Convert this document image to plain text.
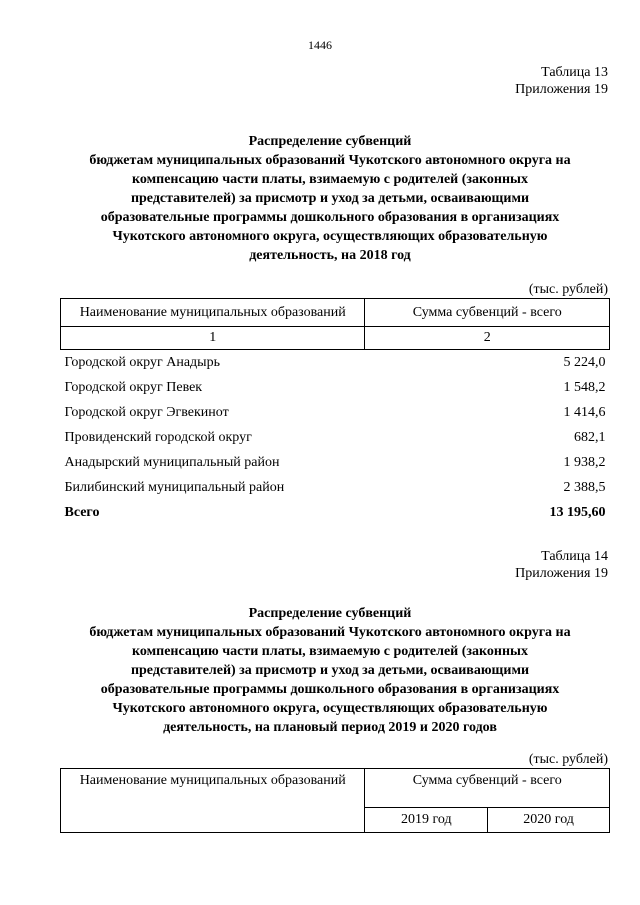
1446
Таблица 13
Приложения 19
Распределение субвенций
бюджетам муниципальных образований Чукотского автономного округа на
компенсацию части платы, взимаемую с родителей (законных
представителей) за присмотр и уход за детьми, осваивающими
образовательные программы дошкольного образования в организациях
Чукотского автономного округа, осуществляющих образовательную
деятельность, на 2018 год
(тыс. рублей)
Наименование муниципальных образований	Сумма субвенций - всего
1	2
Городской округ Анадырь	5 224,0
Городской округ Певек	1 548,2
Городской округ Эгвекинот	1 414,6
Провиденский городской округ	682,1
Анадырский муниципальный район	1 938,2
Билибинский муниципальный район	2 388,5
Всего	13 195,60
Таблица 14
Приложения 19
Распределение субвенций
бюджетам муниципальных образований Чукотского автономного округа на
компенсацию части платы, взимаемую с родителей (законных
представителей) за присмотр и уход за детьми, осваивающими
образовательные программы дошкольного образования в организациях
Чукотского автономного округа, осуществляющих образовательную
деятельность, на плановый период 2019 и 2020 годов
(тыс. рублей)
Наименование муниципальных образований	Сумма субвенций - всего	
	2019 год	2020 год
